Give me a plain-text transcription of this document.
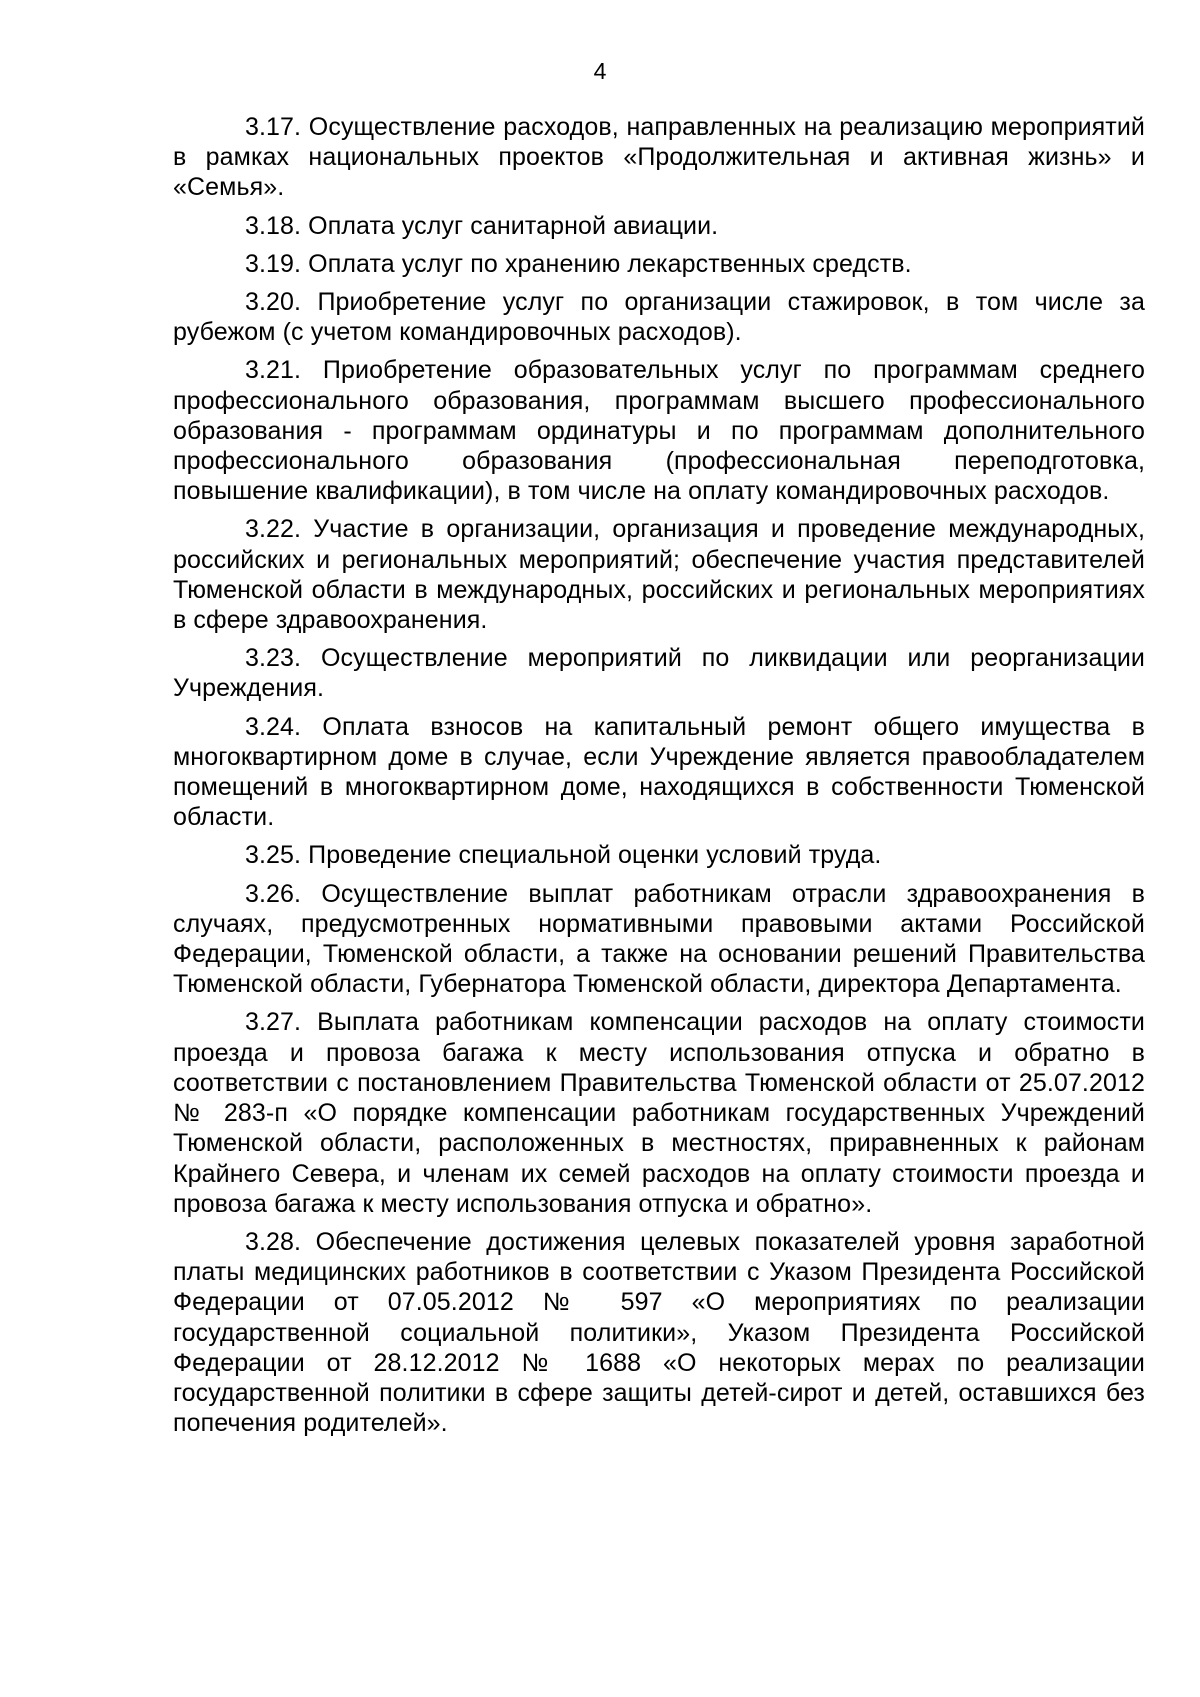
4

3.17. Осуществление расходов, направленных на реализацию мероприятий в рамках национальных проектов «Продолжительная и активная жизнь» и «Семья».

3.18. Оплата услуг санитарной авиации.

3.19. Оплата услуг по хранению лекарственных средств.

3.20. Приобретение услуг по организации стажировок, в том числе за рубежом (с учетом командировочных расходов).

3.21. Приобретение образовательных услуг по программам среднего профессионального образования, программам высшего профессионального образования - программам ординатуры и по программам дополнительного профессионального образования (профессиональная переподготовка, повышение квалификации), в том числе на оплату командировочных расходов.

3.22. Участие в организации, организация и проведение международных, российских и региональных мероприятий; обеспечение участия представителей Тюменской области в международных, российских и региональных мероприятиях в сфере здравоохранения.

3.23. Осуществление мероприятий по ликвидации или реорганизации Учреждения.

3.24. Оплата взносов на капитальный ремонт общего имущества в многоквартирном доме в случае, если Учреждение является правообладателем помещений в многоквартирном доме, находящихся в собственности Тюменской области.

3.25. Проведение специальной оценки условий труда.

3.26. Осуществление выплат работникам отрасли здравоохранения в случаях, предусмотренных нормативными правовыми актами Российской Федерации, Тюменской области, а также на основании решений Правительства Тюменской области, Губернатора Тюменской области, директора Департамента.

3.27. Выплата работникам компенсации расходов на оплату стоимости проезда и провоза багажа к месту использования отпуска и обратно в соответствии с постановлением Правительства Тюменской области от 25.07.2012 № 283-п «О порядке компенсации работникам государственных Учреждений Тюменской области, расположенных в местностях, приравненных к районам Крайнего Севера, и членам их семей расходов на оплату стоимости проезда и провоза багажа к месту использования отпуска и обратно».

3.28. Обеспечение достижения целевых показателей уровня заработной платы медицинских работников в соответствии с Указом Президента Российской Федерации от 07.05.2012 № 597 «О мероприятиях по реализации государственной социальной политики», Указом Президента Российской Федерации от 28.12.2012 № 1688 «О некоторых мерах по реализации государственной политики в сфере защиты детей-сирот и детей, оставшихся без попечения родителей».
